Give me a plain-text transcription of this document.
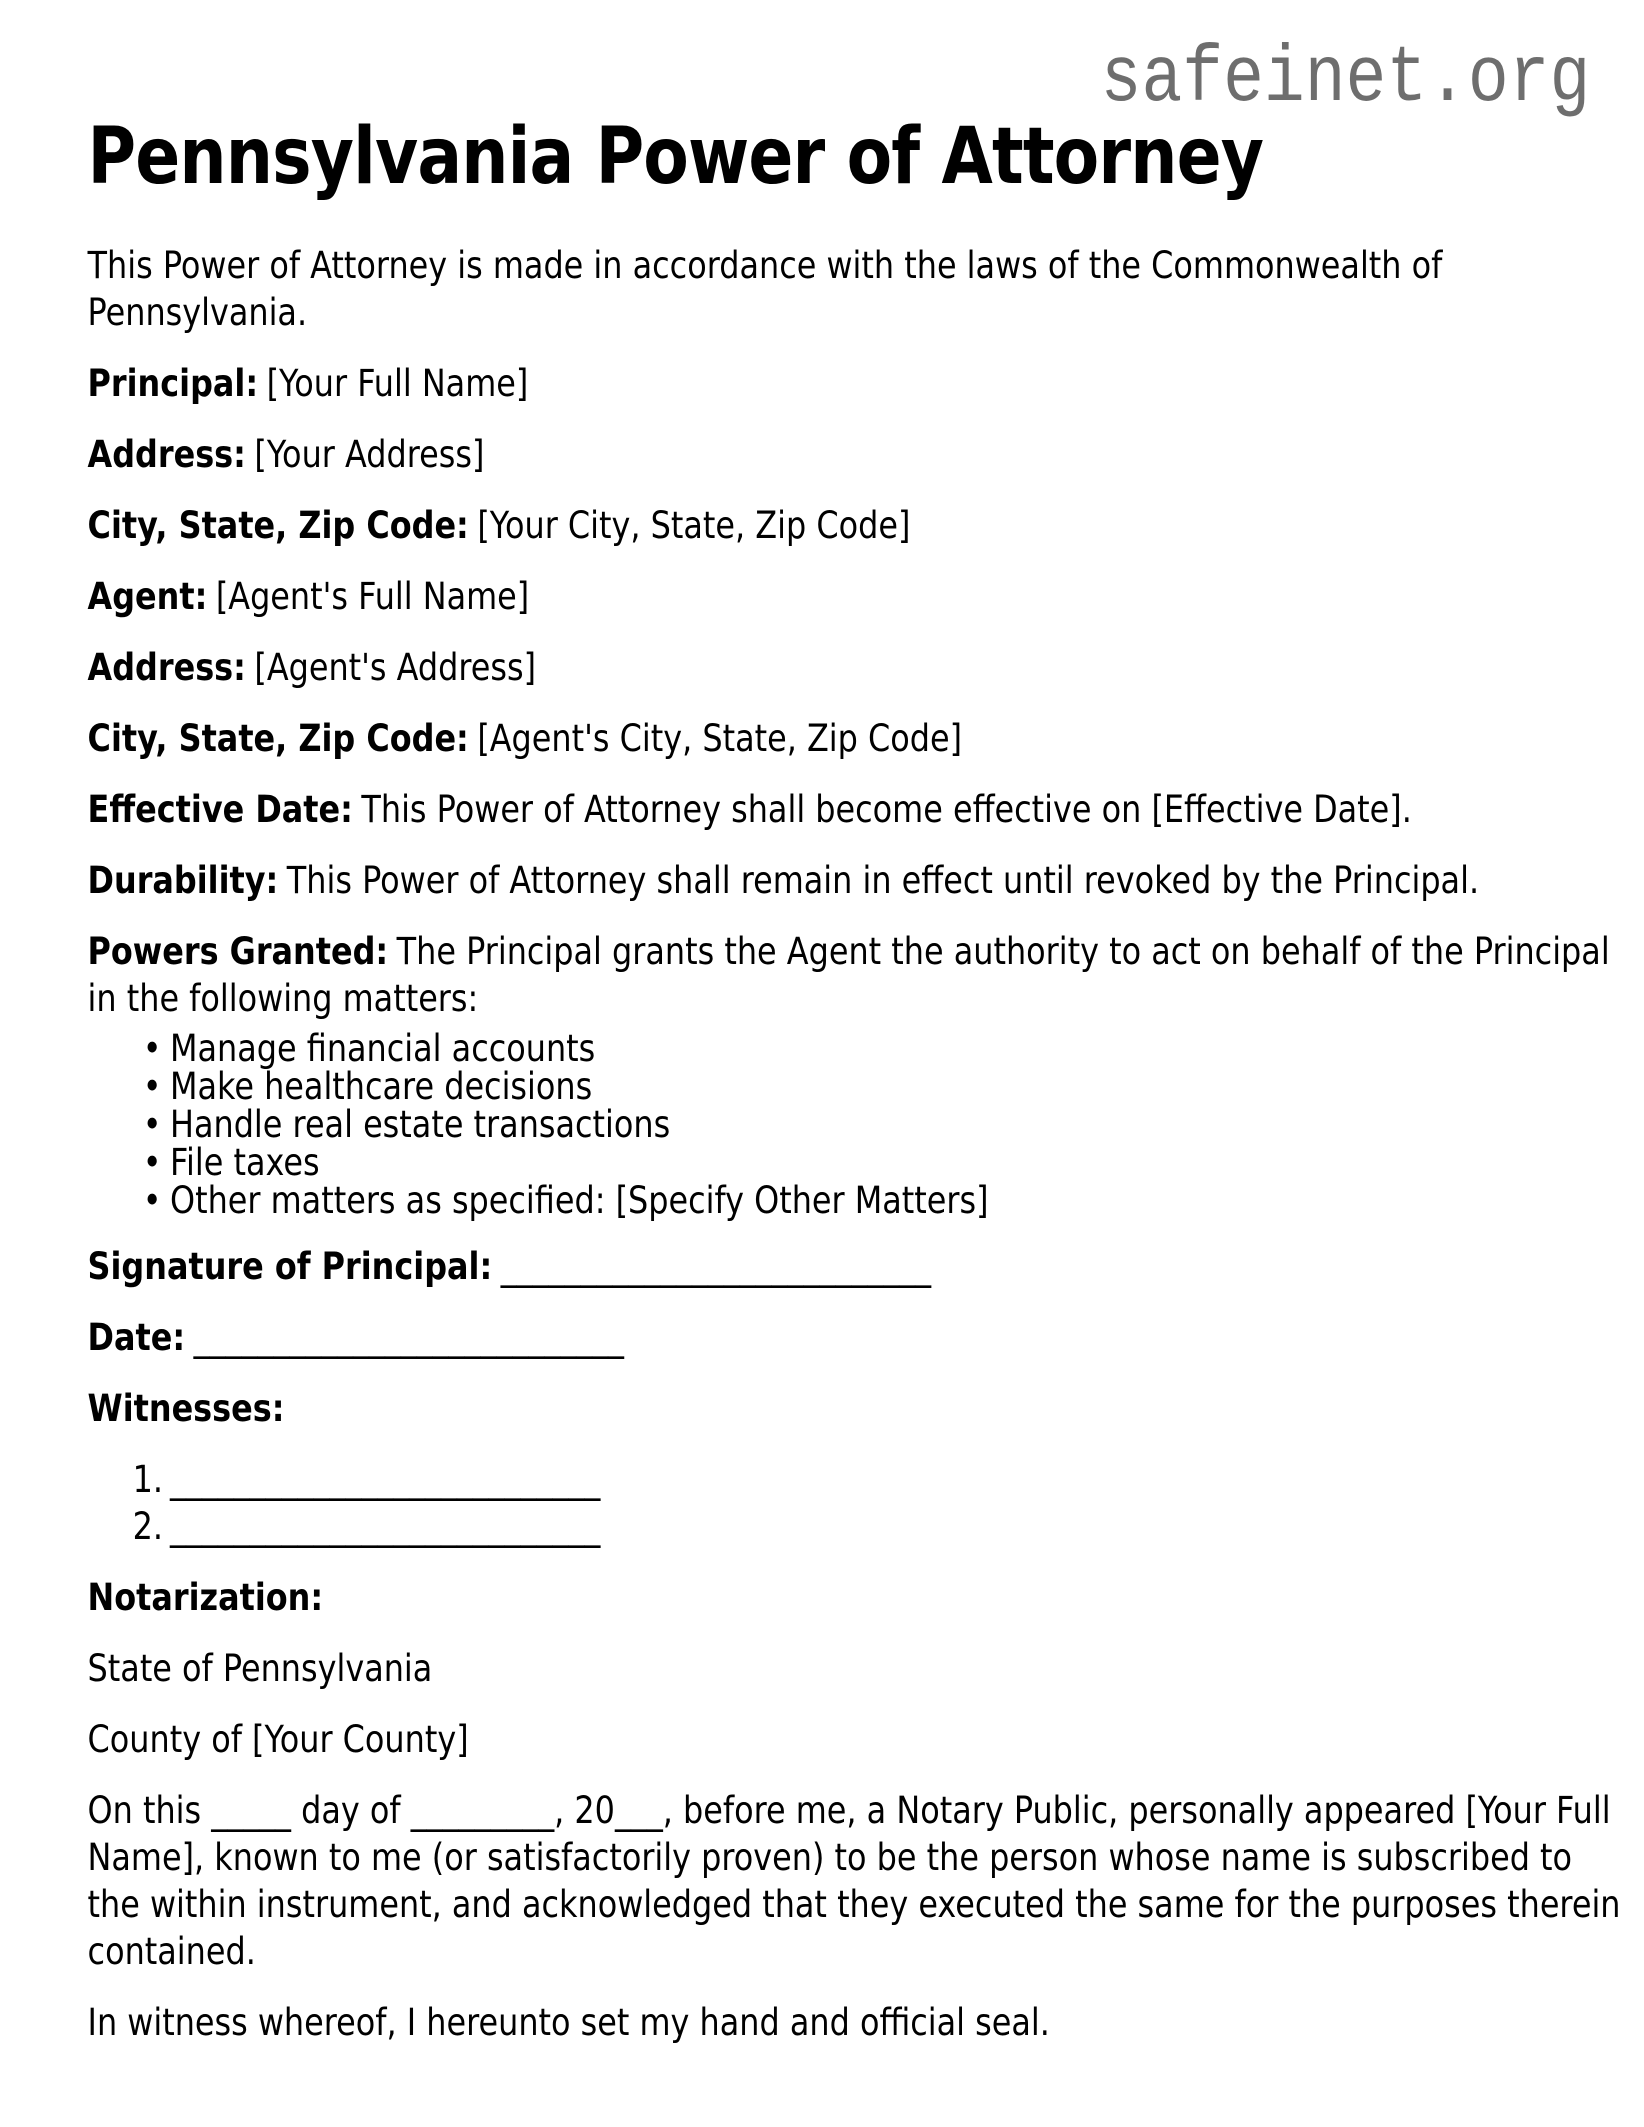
safeinet.org
Pennsylvania Power of Attorney

This Power of Attorney is made in accordance with the laws of the Commonwealth of Pennsylvania.

Principal: [Your Full Name]

Address: [Your Address]

City, State, Zip Code: [Your City, State, Zip Code]

Agent: [Agent's Full Name]

Address: [Agent's Address]

City, State, Zip Code: [Agent's City, State, Zip Code]

Effective Date: This Power of Attorney shall become effective on [Effective Date].

Durability: This Power of Attorney shall remain in effect until revoked by the Principal.

Powers Granted: The Principal grants the Agent the authority to act on behalf of the Principal in the following matters:

• Manage financial accounts
• Make healthcare decisions
• Handle real estate transactions
• File taxes
• Other matters as specified: [Specify Other Matters]

Signature of Principal: ___________________________

Date: ___________________________

Witnesses:

1. ___________________________
2. ___________________________

Notarization:

State of Pennsylvania

County of [Your County]

On this _____ day of _________, 20___, before me, a Notary Public, personally appeared [Your Full Name], known to me (or satisfactorily proven) to be the person whose name is subscribed to the within instrument, and acknowledged that they executed the same for the purposes therein contained.

In witness whereof, I hereunto set my hand and official seal.
